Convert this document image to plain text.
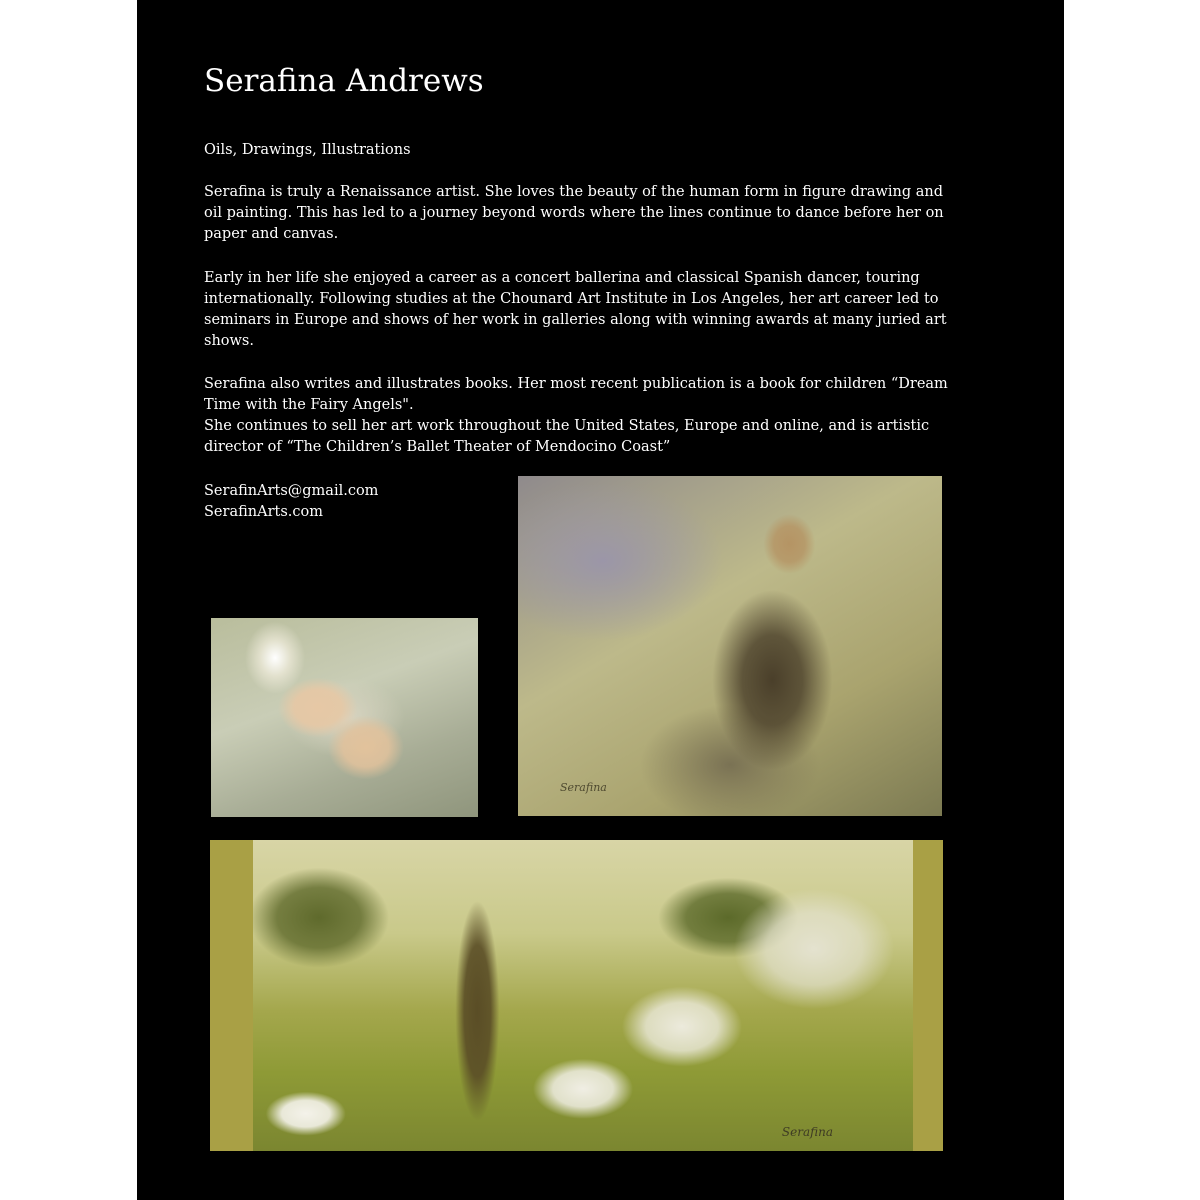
Serafina Andrews

Oils, Drawings, Illustrations

Serafina is truly a Renaissance artist. She loves the beauty of the human form in figure drawing and oil painting. This has led to a journey beyond words where the lines continue to dance before her on paper and canvas.

Early in her life she enjoyed a career as a concert ballerina and classical Spanish dancer, touring internationally. Following studies at the Chounard Art Institute in Los Angeles, her art career led to seminars in Europe and shows of her work in galleries along with winning awards at many juried art shows.

Serafina also writes and illustrates books. Her most recent publication is a book for children “Dream Time with the Fairy Angels".
She continues to sell her art work throughout the United States, Europe and online, and is artistic director of “The Children’s Ballet Theater of Mendocino Coast”

SerafinArts@gmail.com

SerafinArts.com

Serafina

Serafina
